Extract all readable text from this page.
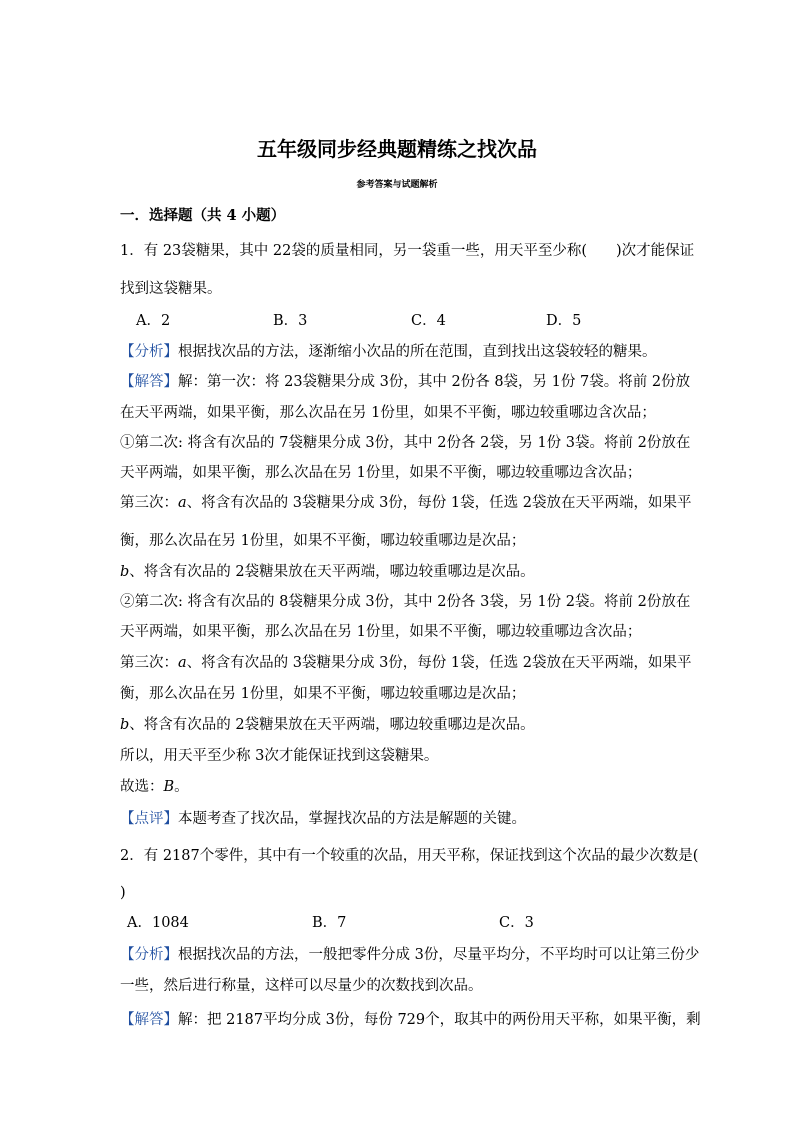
五年级同步经典题精练之找次品
参考答案与试题解析
一．选择题（共 4 小题）
1．有 23袋糖果，其中 22袋的质量相同，另一袋重一些，用天平至少称(　　)次才能保证
找到这袋糖果。
A．2	B．3	C．4	D．5
【分析】根据找次品的方法，逐渐缩小次品的所在范围，直到找出这袋较轻的糖果。
【解答】解：第一次：将 23袋糖果分成 3份，其中 2份各 8袋，另 1份 7袋。将前 2份放
在天平两端，如果平衡，那么次品在另 1份里，如果不平衡，哪边较重哪边含次品；
①第二次: 将含有次品的 7袋糖果分成 3份，其中 2份各 2袋，另 1份 3袋。将前 2份放在
天平两端，如果平衡，那么次品在另 1份里，如果不平衡，哪边较重哪边含次品；
第三次：𝑎、将含有次品的 3袋糖果分成 3份，每份 1袋，任选 2袋放在天平两端，如果平
衡，那么次品在另 1份里，如果不平衡，哪边较重哪边是次品；
𝑏、将含有次品的 2袋糖果放在天平两端，哪边较重哪边是次品。
②第二次: 将含有次品的 8袋糖果分成 3份，其中 2份各 3袋，另 1份 2袋。将前 2份放在
天平两端，如果平衡，那么次品在另 1份里，如果不平衡，哪边较重哪边含次品；
第三次：𝑎、将含有次品的 3袋糖果分成 3份，每份 1袋，任选 2袋放在天平两端，如果平
衡，那么次品在另 1份里，如果不平衡，哪边较重哪边是次品；
𝑏、将含有次品的 2袋糖果放在天平两端，哪边较重哪边是次品。
所以，用天平至少称 3次才能保证找到这袋糖果。
故选：𝐵。
【点评】本题考查了找次品，掌握找次品的方法是解题的关键。
2．有 2187个零件，其中有一个较重的次品，用天平称，保证找到这个次品的最少次数是(
)
A．1084	B．7	C．3
【分析】根据找次品的方法，一般把零件分成 3份，尽量平均分，不平均时可以让第三份少
一些，然后进行称量，这样可以尽量少的次数找到次品。
【解答】解：把 2187平均分成 3份，每份 729个，取其中的两份用天平称，如果平衡，剩
